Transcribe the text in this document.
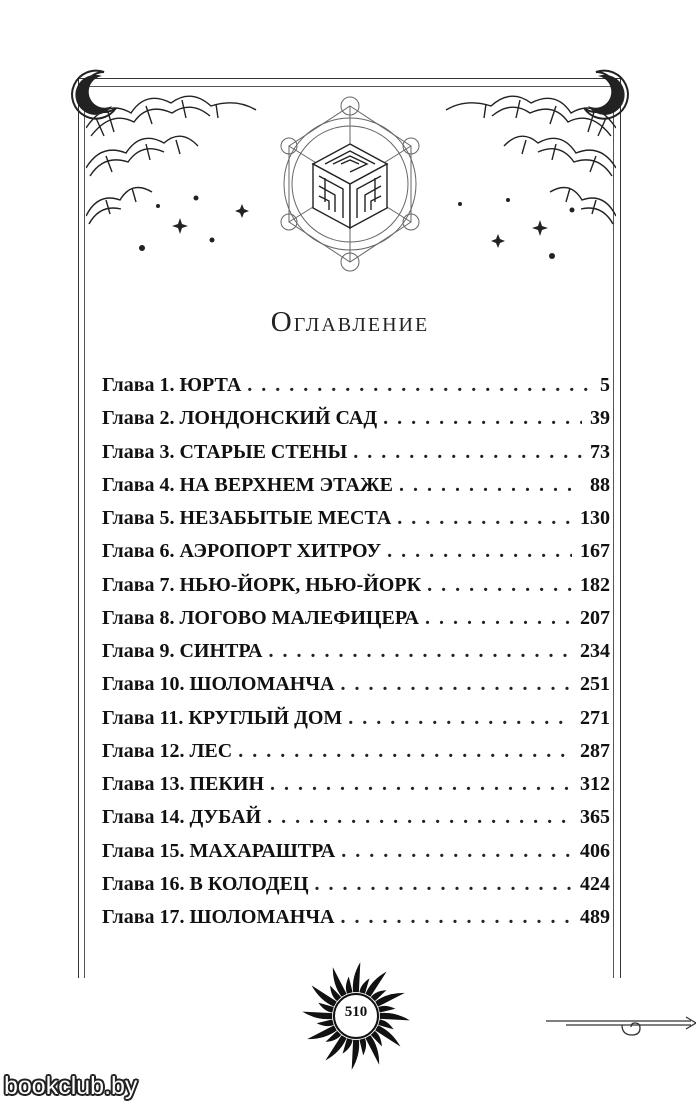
Оглавление
Глава 1. ЮРТА . . .	5
Глава 2. ЛОНДОНСКИЙ САД . . .	39
Глава 3. СТАРЫЕ СТЕНЫ . . .	73
Глава 4. НА ВЕРХНЕМ ЭТАЖЕ . . .	88
Глава 5. НЕЗАБЫТЫЕ МЕСТА . . .	130
Глава 6. АЭРОПОРТ ХИТРОУ . . .	167
Глава 7. НЬЮ-ЙОРК, НЬЮ-ЙОРК . . .	182
Глава 8. ЛОГОВО МАЛЕФИЦЕРА . . .	207
Глава 9. СИНТРА . . .	234
Глава 10. ШОЛОМАНЧА . . .	251
Глава 11. КРУГЛЫЙ ДОМ . . .	271
Глава 12. ЛЕС . . .	287
Глава 13. ПЕКИН . . .	312
Глава 14. ДУБАЙ . . .	365
Глава 15. МАХАРАШТРА . . .	406
Глава 16. В КОЛОДЕЦ . . .	424
Глава 17. ШОЛОМАНЧА . . .	489
510
bookclub.by
